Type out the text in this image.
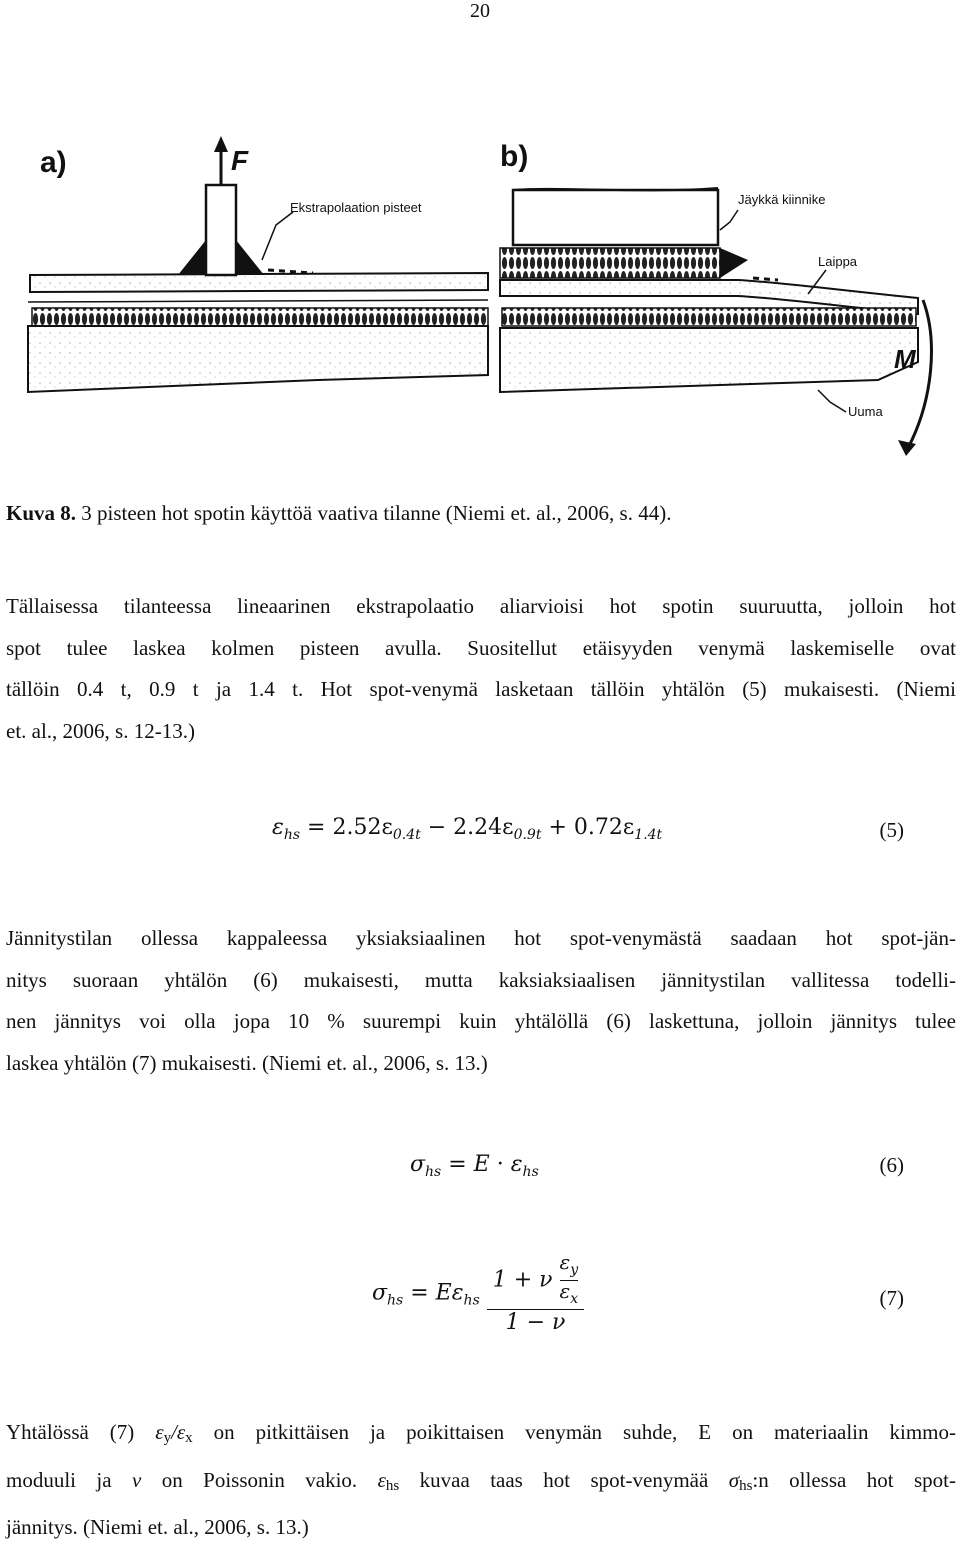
20
a)	F
Ekstrapolaation pisteet
b)
Jäykkä kiinnike
Laippa
Uuma
M
Kuva 8. 3 pisteen hot spotin käyttöä vaativa tilanne (Niemi et. al., 2006, s. 44).
Tällaisessa tilanteessa lineaarinen ekstrapolaatio aliarvioisi hot spotin suuruutta, jolloin hot
spot tulee laskea kolmen pisteen avulla. Suositellut etäisyyden venymä laskemiselle ovat
tällöin 0.4 t, 0.9 t ja 1.4 t. Hot spot-venymä lasketaan tällöin yhtälön (5) mukaisesti. (Niemi
et. al., 2006, s. 12-13.)
$\varepsilon_{hs} = 2.52\varepsilon_{0.4t} - 2.24\varepsilon_{0.9t} + 0.72\varepsilon_{1.4t}$	(5)
Jännitystilan ollessa kappaleessa yksiaksiaalinen hot spot-venymästä saadaan hot spot-jän-
nitys suoraan yhtälön (6) mukaisesti, mutta kaksiaksiaalisen jännitystilan vallitessa todelli-
nen jännitys voi olla jopa 10 % suurempi kuin yhtälöllä (6) laskettuna, jolloin jännitys tulee
laskea yhtälön (7) mukaisesti. (Niemi et. al., 2006, s. 13.)
$\sigma_{hs} = E \cdot \varepsilon_{hs}$	(6)
$\sigma_{hs} = E\varepsilon_{hs} \frac{1 + \nu \frac{\varepsilon_y}{\varepsilon_x}}{1 - \nu}$	(7)
Yhtälössä (7) εy/εx on pitkittäisen ja poikittaisen venymän suhde, E on materiaalin kimmo-
moduuli ja ν on Poissonin vakio. εhs kuvaa taas hot spot-venymää σhs:n ollessa hot spot-
jännitys. (Niemi et. al., 2006, s. 13.)
